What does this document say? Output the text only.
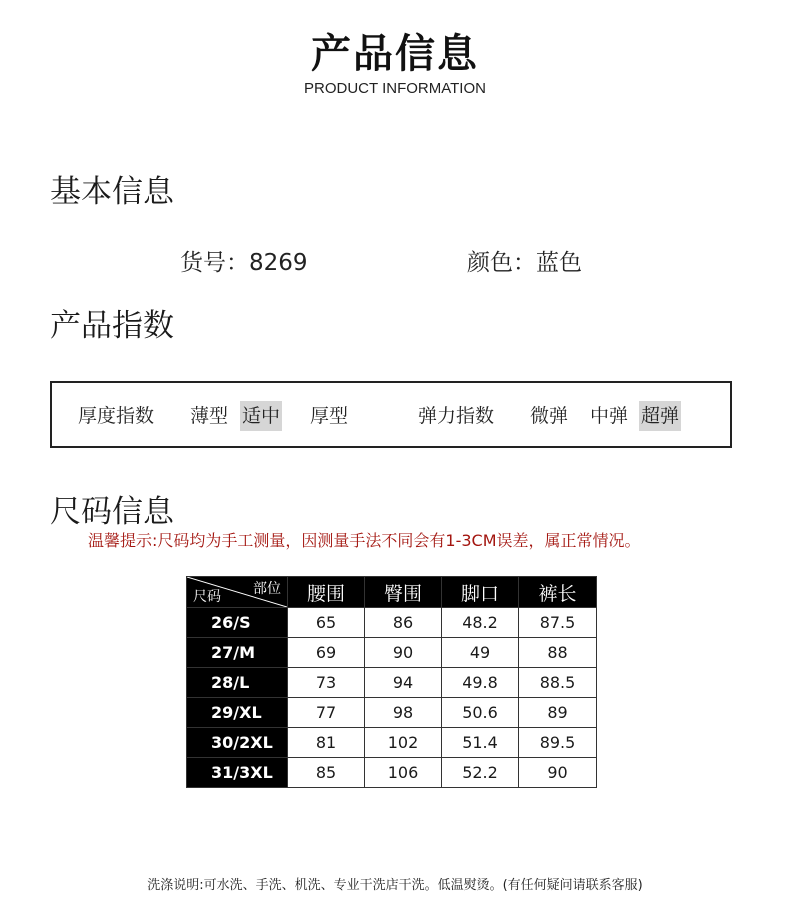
产品信息
PRODUCT INFORMATION
基本信息
货号：8269	颜色：蓝色
产品指数
厚度指数 薄型 适中 厚型	弹力指数 微弹 中弹 超弹
尺码信息
温馨提示:尺码均为手工测量，因测量手法不同会有1-3CM误差，属正常情况。
部位
尺码	腰围	臀围	脚口	裤长
26/S	65	86	48.2	87.5
27/M	69	90	49	88
28/L	73	94	49.8	88.5
29/XL	77	98	50.6	89
30/2XL	81	102	51.4	89.5
31/3XL	85	106	52.2	90
洗涤说明:可水洗、手洗、机洗、专业干洗店干洗。低温熨烫。(有任何疑问请联系客服)
